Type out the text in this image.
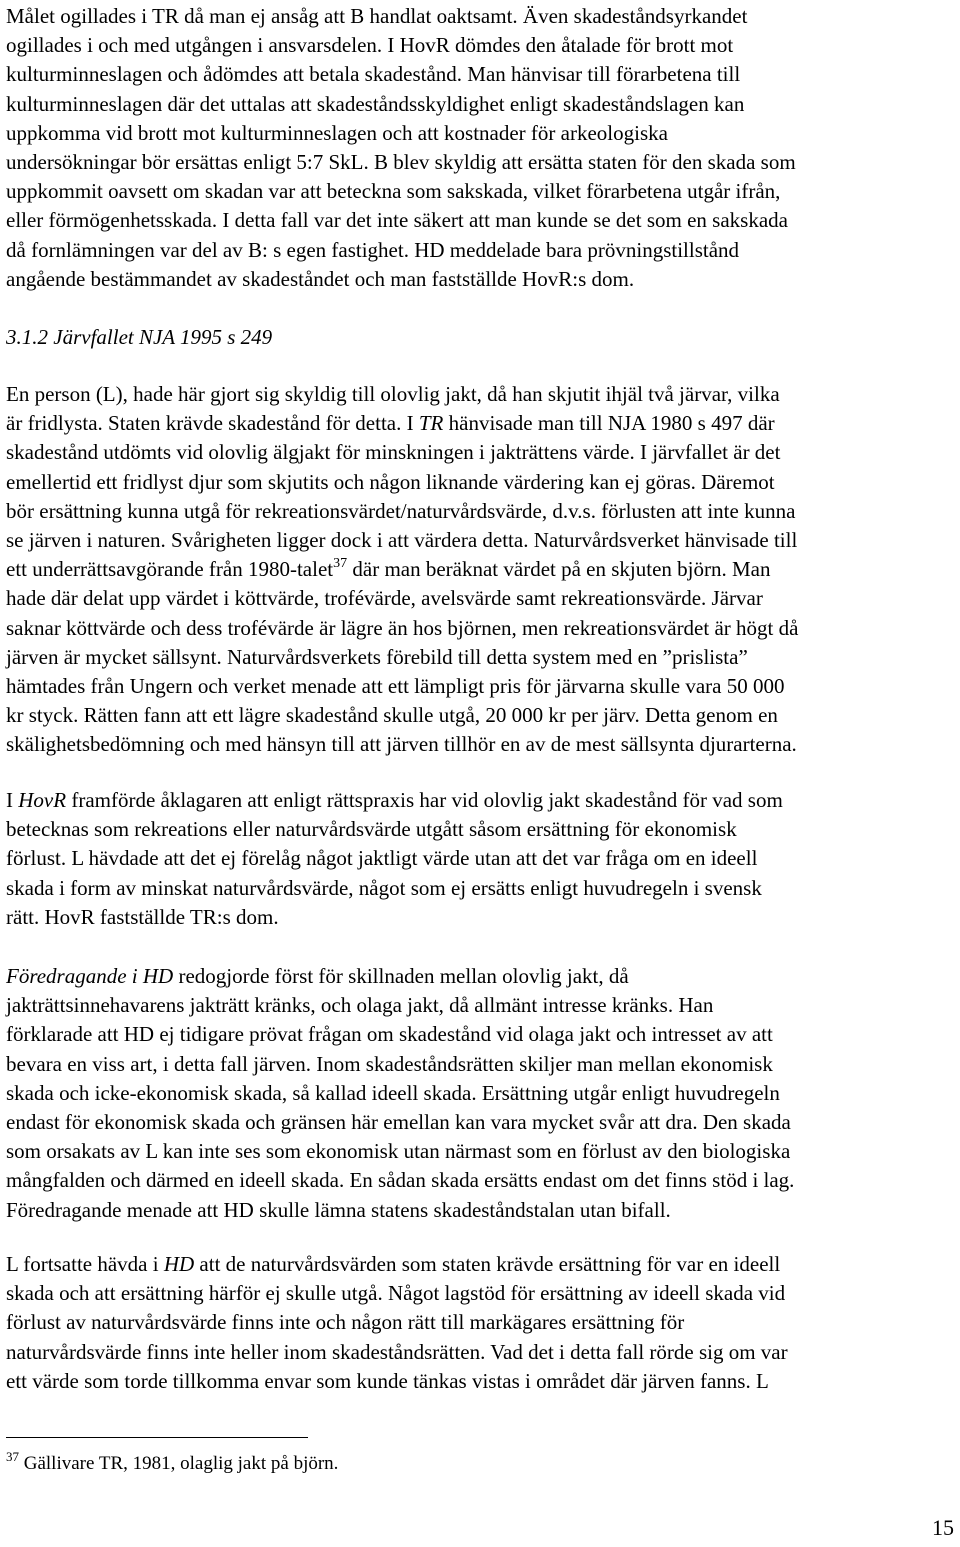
Målet ogillades i TR då man ej ansåg att B handlat oaktsamt. Även skadeståndsyrkandet
ogillades i och med utgången i ansvarsdelen. I HovR dömdes den åtalade för brott mot
kulturminneslagen och ådömdes att betala skadestånd. Man hänvisar till förarbetena till
kulturminneslagen där det uttalas att skadeståndsskyldighet enligt skadeståndslagen kan
uppkomma vid brott mot kulturminneslagen och att kostnader för arkeologiska
undersökningar bör ersättas enligt 5:7 SkL. B blev skyldig att ersätta staten för den skada som
uppkommit oavsett om skadan var att beteckna som sakskada, vilket förarbetena utgår ifrån,
eller förmögenhetsskada. I detta fall var det inte säkert att man kunde se det som en sakskada
då fornlämningen var del av B: s egen fastighet. HD meddelade bara prövningstillstånd
angående bestämmandet av skadeståndet och man fastställde HovR:s dom.
3.1.2 Järvfallet NJA 1995 s 249
En person (L), hade här gjort sig skyldig till olovlig jakt, då han skjutit ihjäl två järvar, vilka
är fridlysta. Staten krävde skadestånd för detta. I TR hänvisade man till NJA 1980 s 497 där
skadestånd utdömts vid olovlig älgjakt för minskningen i jakträttens värde. I järvfallet är det
emellertid ett fridlyst djur som skjutits och någon liknande värdering kan ej göras. Däremot
bör ersättning kunna utgå för rekreationsvärdet/naturvårdsvärde, d.v.s. förlusten att inte kunna
se järven i naturen. Svårigheten ligger dock i att värdera detta. Naturvårdsverket hänvisade till
ett underrättsavgörande från 1980-talet$^{37}$ där man beräknat värdet på en skjuten björn. Man
hade där delat upp värdet i köttvärde, trofévärde, avelsvärde samt rekreationsvärde. Järvar
saknar köttvärde och dess trofévärde är lägre än hos björnen, men rekreationsvärdet är högt då
järven är mycket sällsynt. Naturvårdsverkets förebild till detta system med en ”prislista”
hämtades från Ungern och verket menade att ett lämpligt pris för järvarna skulle vara 50 000
kr styck. Rätten fann att ett lägre skadestånd skulle utgå, 20 000 kr per järv. Detta genom en
skälighetsbedömning och med hänsyn till att järven tillhör en av de mest sällsynta djurarterna.
I HovR framförde åklagaren att enligt rättspraxis har vid olovlig jakt skadestånd för vad som
betecknas som rekreations eller naturvårdsvärde utgått såsom ersättning för ekonomisk
förlust. L hävdade att det ej förelåg något jaktligt värde utan att det var fråga om en ideell
skada i form av minskat naturvårdsvärde, något som ej ersätts enligt huvudregeln i svensk
rätt. HovR fastställde TR:s dom.
Föredragande i HD redogjorde först för skillnaden mellan olovlig jakt, då
jakträttsinnehavarens jakträtt kränks, och olaga jakt, då allmänt intresse kränks. Han
förklarade att HD ej tidigare prövat frågan om skadestånd vid olaga jakt och intresset av att
bevara en viss art, i detta fall järven. Inom skadeståndsrätten skiljer man mellan ekonomisk
skada och icke-ekonomisk skada, så kallad ideell skada. Ersättning utgår enligt huvudregeln
endast för ekonomisk skada och gränsen här emellan kan vara mycket svår att dra. Den skada
som orsakats av L kan inte ses som ekonomisk utan närmast som en förlust av den biologiska
mångfalden och därmed en ideell skada. En sådan skada ersätts endast om det finns stöd i lag.
Föredragande menade att HD skulle lämna statens skadeståndstalan utan bifall.
L fortsatte hävda i HD att de naturvårdsvärden som staten krävde ersättning för var en ideell
skada och att ersättning härför ej skulle utgå. Något lagstöd för ersättning av ideell skada vid
förlust av naturvårdsvärde finns inte och någon rätt till markägares ersättning för
naturvårdsvärde finns inte heller inom skadeståndsrätten. Vad det i detta fall rörde sig om var
ett värde som torde tillkomma envar som kunde tänkas vistas i området där järven fanns. L
$^{37}$ Gällivare TR, 1981, olaglig jakt på björn.
15
